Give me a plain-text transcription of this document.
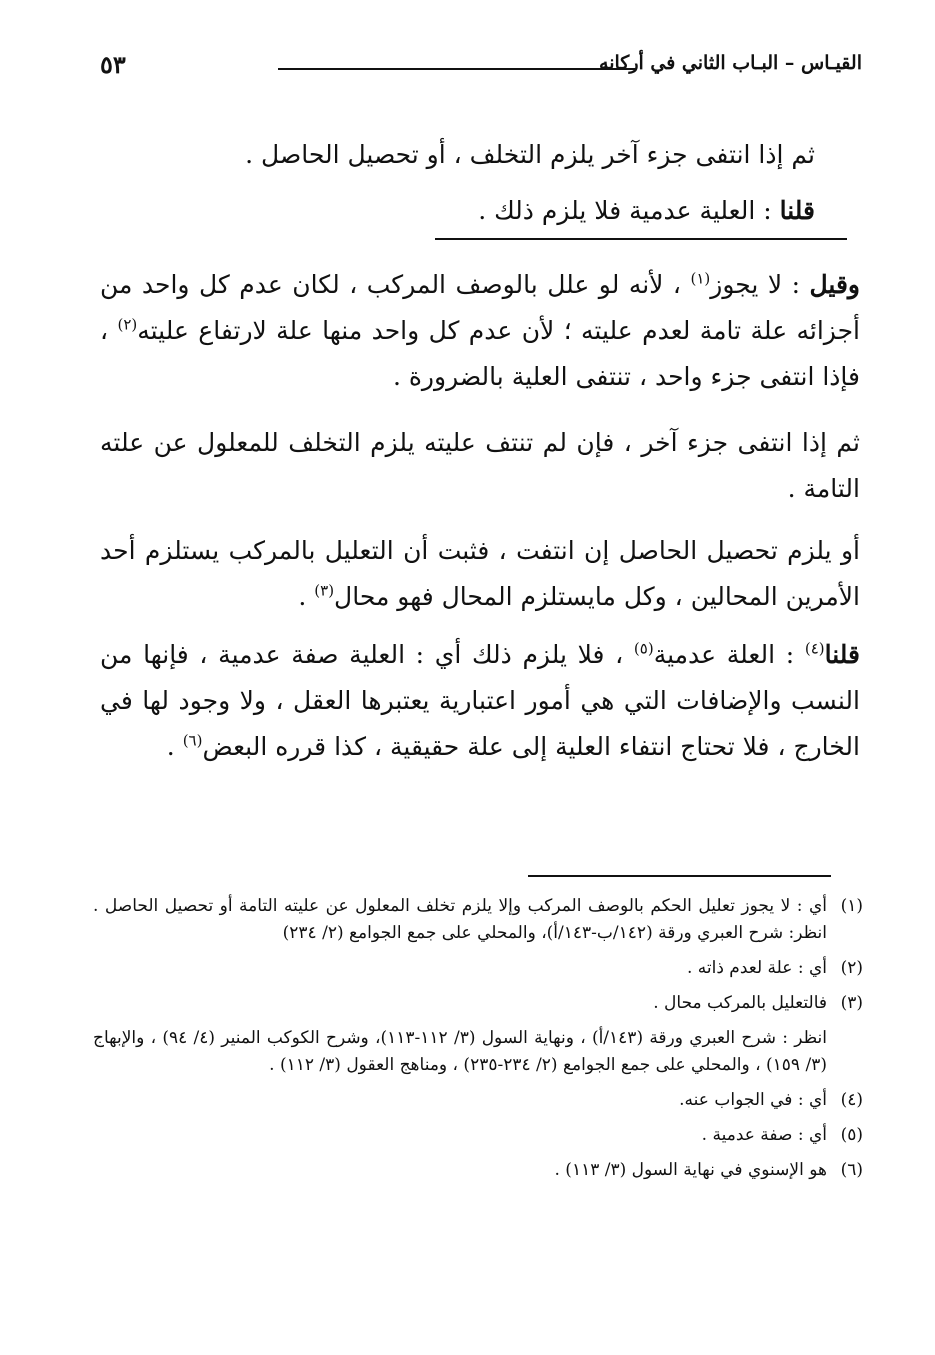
القيـاس – البـاب الثاني في أركانه
٥٣
ثم إذا انتفى جزء آخر يلزم التخلف ، أو تحصيل الحاصل .
قلنا : العلية عدمية فلا يلزم ذلك .
وقيل : لا يجوز$^{(١)}$ ، لأنه لو علل بالوصف المركب ، لكان عدم كل واحد من أجزائه علة تامة لعدم عليته ؛ لأن عدم كل واحد منها علة لارتفاع عليته$^{(٢)}$ ، فإذا انتفى جزء واحد ، تنتفى العلية بالضرورة .
ثم إذا انتفى جزء آخر ، فإن لم تنتف عليته يلزم التخلف للمعلول عن علته التامة .
أو يلزم تحصيل الحاصل إن انتفت ، فثبت أن التعليل بالمركب يستلزم أحد الأمرين المحالين ، وكل مايستلزم المحال فهو محال$^{(٣)}$ .
قلنا$^{(٤)}$ : العلة عدمية$^{(٥)}$ ، فلا يلزم ذلك أي : العلية صفة عدمية ، فإنها من النسب والإضافات التي هي أمور اعتبارية يعتبرها العقل ، ولا وجود لها في الخارج ، فلا تحتاج انتفاء العلية إلى علة حقيقية ، كذا قرره البعض$^{(٦)}$ .
(١)
أي : لا يجوز تعليل الحكم بالوصف المركب وإلا يلزم تخلف المعلول عن عليته التامة أو تحصيل الحاصل . انظر: شرح العبري ورقة (١٤٢/ب-١٤٣/أ)، والمحلي على جمع الجوامع (٢/ ٢٣٤)
(٢)
أي : علة لعدم ذاته .
(٣)
فالتعليل بالمركب محال .
انظر : شرح العبري ورقة (١٤٣/أ) ، ونهاية السول (٣/ ١١٢-١١٣)، وشرح الكوكب المنير (٤/ ٩٤) ، والإبهاج (٣/ ١٥٩) ، والمحلي على جمع الجوامع (٢/ ٢٣٤-٢٣٥) ، ومناهج العقول (٣/ ١١٢) .
(٤)
أي : في الجواب عنه.
(٥)
أي : صفة عدمية .
(٦)
هو الإسنوي في نهاية السول (٣/ ١١٣) .
